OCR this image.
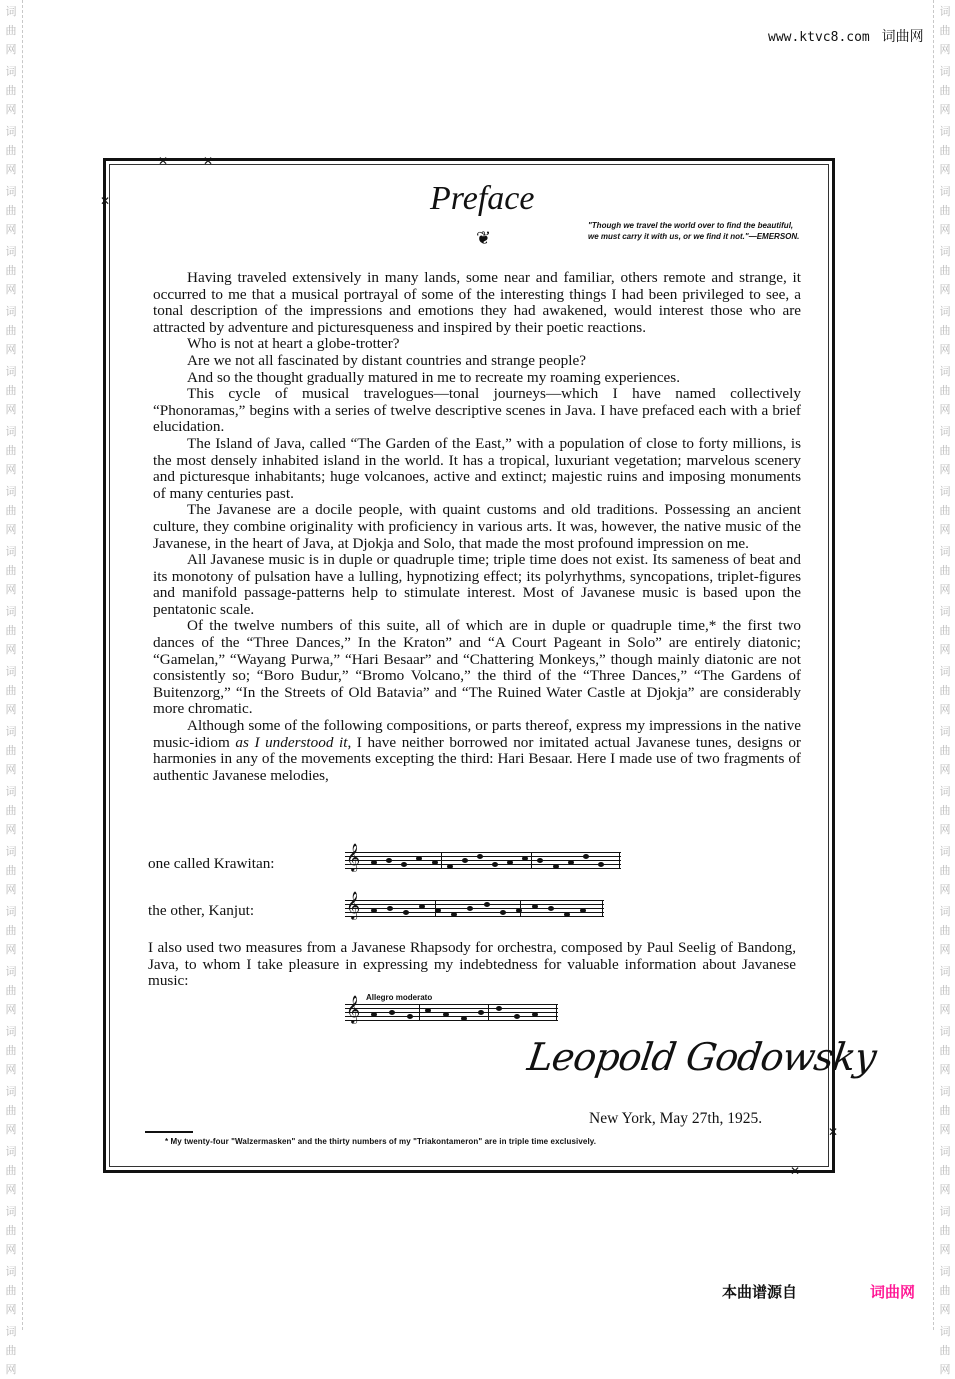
词
曲
网
词
曲
网
词
曲
网
词
曲
网
词
曲
网
词
曲
网
词
曲
网
词
曲
网
词
曲
网
词
曲
网
词
曲
网
词
曲
网
词
曲
网
词
曲
网
词
曲
网
词
曲
网
词
曲
网
词
曲
网
词
曲
网
词
曲
网
词
曲
网
词
曲
网
词
曲
网
词
曲
网
词
曲
网
词
曲
网
词
曲
网
词
曲
网
词
曲
网
词
曲
网
词
曲
网
词
曲
网
词
曲
网
词
曲
网
词
曲
网
词
曲
网
词
曲
网
词
曲
网
词
曲
网
词
曲
网
词
曲
网
词
曲
网
词
曲
网
词
曲
网
词
曲
网
词
曲
网
www.ktvc8.com 词曲网
✕	✕
✕
✕
✕
Preface
❦
"Though we travel the world over to find the beautiful, we must carry it with us, or we find it not."—EMERSON.

Having traveled extensively in many lands, some near and familiar, others remote and strange, it occurred to me that a musical portrayal of some of the interesting things I had been privileged to see, a tonal description of the impressions and emotions they had awakened, would interest those who are attracted by adventure and picturesqueness and inspired by their poetic reactions.

Who is not at heart a globe-trotter?

Are we not all fascinated by distant countries and strange people?

And so the thought gradually matured in me to recreate my roaming experiences.

This cycle of musical travelogues—tonal journeys—which I have named collectively “Phonoramas,” begins with a series of twelve descriptive scenes in Java. I have prefaced each with a brief elucidation.

The Island of Java, called “The Garden of the East,” with a population of close to forty millions, is the most densely inhabited island in the world. It has a tropical, luxuriant vegetation; marvelous scenery and picturesque inhabitants; huge volcanoes, active and extinct; majestic ruins and imposing monuments of many centuries past.

The Javanese are a docile people, with quaint customs and old traditions. Possessing an ancient culture, they combine originality with proficiency in various arts. It was, however, the native music of the Javanese, in the heart of Java, at Djokja and Solo, that made the most profound impression on me.

All Javanese music is in duple or quadruple time; triple time does not exist. Its sameness of beat and its monotony of pulsation have a lulling, hypnotizing effect; its polyrhythms, syncopations, triplet-figures and manifold passage-patterns help to stimulate interest. Most of Javanese music is based upon the pentatonic scale.

Of the twelve numbers of this suite, all of which are in duple or quadruple time,* the first two dances of the “Three Dances,” In the Kraton” and “A Court Pageant in Solo” are entirely diatonic; “Gamelan,” “Wayang Purwa,” “Hari Besaar” and “Chattering Monkeys,” though mainly diatonic are not consistently so; “Boro Budur,” “Bromo Volcano,” the third of the “Three Dances,” “The Gardens of Buitenzorg,” “In the Streets of Old Batavia” and “The Ruined Water Castle at Djokja” are considerably more chromatic.

Although some of the following compositions, or parts thereof, express my impressions in the native music-idiom as I understood it, I have neither borrowed nor imitated actual Javanese tunes, designs or harmonies in any of the movements excepting the third: Hari Besaar. Here I made use of two fragments of authentic Javanese melodies,

one called Krawitan:	𝄞
the other, Kanjut:	𝄞

I also used two measures from a Javanese Rhapsody for orchestra, composed by Paul Seelig of Bandong, Java, to whom I take pleasure in expressing my indebtedness for valuable information about Javanese music:

Allegro moderato
𝄞
Leopold Godowsky
New York, May 27th, 1925.
* My twenty-four "Walzermasken" and the thirty numbers of my "Triakontameron" are in triple time exclusively.
本曲谱源自	词曲网
